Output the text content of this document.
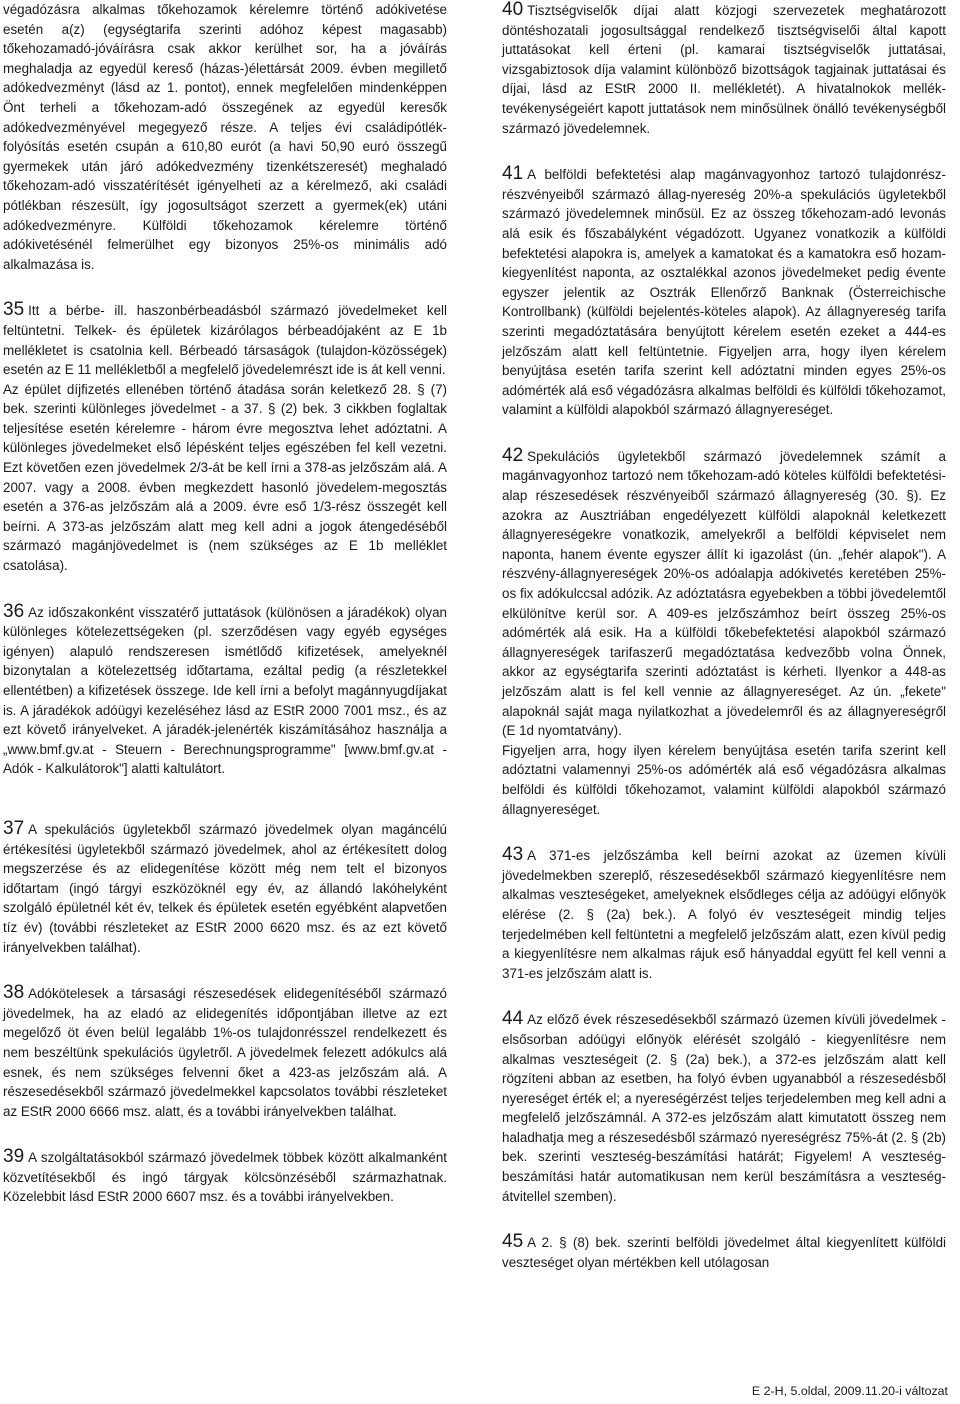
végadózásra alkalmas tőkehozamok kérelemre történő adókivetése esetén a(z) (egységtarifa szerinti adóhoz képest magasabb) tőkehozamadó-jóváírásra csak akkor kerülhet sor, ha a jóváírás meghaladja az egyedül kereső (házas-)élettársát 2009. évben megillető adókedvezményt (lásd az 1. pontot), ennek megfelelően mindenképpen Önt terheli a tőkehozam-adó összegének az egyedül keresők adókedvezményével megegyező része. A teljes évi családipótlék-folyósítás esetén csupán a 610,80 eurót (a havi 50,90 euró összegű gyermekek után járó adókedvezmény tizenkétszeresét) meghaladó tőkehozam-adó visszatérítését igényelheti az a kérelmező, aki családi pótlékban részesült, így jogosultságot szerzett a gyermek(ek) utáni adókedvezményre. Külföldi tőkehozamok kérelemre történő adókivetésénél felmerülhet egy bizonyos 25%-os minimális adó alkalmazása is.

35 Itt a bérbe- ill. haszonbérbeadásból származó jövedelmeket kell feltüntetni. Telkek- és épületek kizárólagos bérbeadójaként az E 1b mellékletet is csatolnia kell. Bérbeadó társaságok (tulajdon-közösségek) esetén az E 11 mellékletből a megfelelő jövedelemrészt ide is át kell venni.

Az épület díjfizetés ellenében történő átadása során keletkező 28. § (7) bek. szerinti különleges jövedelmet - a 37. § (2) bek. 3 cikkben foglaltak teljesítése esetén kérelemre - három évre megosztva lehet adóztatni. A különleges jövedelmeket első lépésként teljes egészében fel kell vezetni. Ezt követően ezen jövedelmek 2/3-át be kell írni a 378-as jelzőszám alá. A 2007. vagy a 2008. évben megkezdett hasonló jövedelem-megosztás esetén a 376-as jelzőszám alá a 2009. évre eső 1/3-rész összegét kell beírni. A 373-as jelzőszám alatt meg kell adni a jogok átengedéséből származó magánjövedelmet is (nem szükséges az E 1b melléklet csatolása).

36 Az időszakonként visszatérő juttatások (különösen a járadékok) olyan különleges kötelezettségeken (pl. szerződésen vagy egyéb egységes igényen) alapuló rendszeresen ismétlődő kifizetések, amelyeknél bizonytalan a kötelezettség időtartama, ezáltal pedig (a részletekkel ellentétben) a kifizetések összege. Ide kell írni a befolyt magánnyugdíjakat is. A járadékok adóügyi kezeléséhez lásd az EStR 2000 7001 msz., és az ezt követő irányelveket. A járadék-jelenérték kiszámításához használja a „www.bmf.gv.at - Steuern - Berechnungsprogramme" [www.bmf.gv.at - Adók - Kalkulátorok"] alatti kaltulátort.

37 A spekulációs ügyletekből származó jövedelmek olyan magáncélú értékesítési ügyletekből származó jövedelmek, ahol az értékesített dolog megszerzése és az elidegenítése között még nem telt el bizonyos időtartam (ingó tárgyi eszközöknél egy év, az állandó lakóhelyként szolgáló épületnél két év, telkek és épületek esetén egyébként alapvetően tíz év) (további részleteket az EStR 2000 6620 msz. és az ezt követő irányelvekben találhat).

38 Adókötelesek a társasági részesedések elidegenítéséből származó jövedelmek, ha az eladó az elidegenítés időpontjában illetve az ezt megelőző öt éven belül legalább 1%-os tulajdonrésszel rendelkezett és nem beszéltünk spekulációs ügyletről. A jövedelmek felezett adókulcs alá esnek, és nem szükséges felvenni őket a 423-as jelzőszám alá. A részesedésekből származó jövedelmekkel kapcsolatos további részleteket az EStR 2000 6666 msz. alatt, és a további irányelvekben találhat.

39 A szolgáltatásokból származó jövedelmek többek között alkalmanként közvetítésekből és ingó tárgyak kölcsönzéséből származhatnak. Közelebbit lásd EStR 2000 6607 msz. és a további irányelvekben.

40 Tisztségviselők díjai alatt közjogi szervezetek meghatározott döntéshozatali jogosultsággal rendelkező tisztségviselői által kapott juttatásokat kell érteni (pl. kamarai tisztségviselők juttatásai, vizsgabiztosok díja valamint különböző bizottságok tagjainak juttatásai és díjai, lásd az EStR 2000 II. mellékletét). A hivatalnokok mellék-tevékenységeiért kapott juttatások nem minősülnek önálló tevékenységből származó jövedelemnek.

41 A belföldi befektetési alap magánvagyonhoz tartozó tulajdonrész-részvényeiből származó állag-nyereség 20%-a spekulációs ügyletekből származó jövedelemnek minősül. Ez az összeg tőkehozam-adó levonás alá esik és főszabályként végadózott. Ugyanez vonatkozik a külföldi befektetési alapokra is, amelyek a kamatokat és a kamatokra eső hozam-kiegyenlítést naponta, az osztalékkal azonos jövedelmeket pedig évente egyszer jelentik az Osztrák Ellenőrző Banknak (Österreichische Kontrollbank) (külföldi bejelentés-köteles alapok). Az állagnyereség tarifa szerinti megadóztatására benyújtott kérelem esetén ezeket a 444-es jelzőszám alatt kell feltüntetnie. Figyeljen arra, hogy ilyen kérelem benyújtása esetén tarifa szerint kell adóztatni minden egyes 25%-os adómérték alá eső végadózásra alkalmas belföldi és külföldi tőkehozamot, valamint a külföldi alapokból származó állagnyereséget.

42 Spekulációs ügyletekből származó jövedelemnek számít a magánvagyonhoz tartozó nem tőkehozam-adó köteles külföldi befektetési-alap részesedések részvényeiből származó állagnyereség (30. §). Ez azokra az Ausztriában engedélyezett külföldi alapoknál keletkezett állagnyereségekre vonatkozik, amelyekről a belföldi képviselet nem naponta, hanem évente egyszer állít ki igazolást (ún. „fehér alapok"). A részvény-állagnyereségek 20%-os adóalapja adókivetés keretében 25%-os fix adókulccsal adózik. Az adóztatásra egyebekben a többi jövedelemtől elkülönítve kerül sor. A 409-es jelzőszámhoz beírt összeg 25%-os adómérték alá esik. Ha a külföldi tőkebefektetési alapokból származó állagnyereségek tarifaszerű megadóztatása kedvezőbb volna Önnek, akkor az egységtarifa szerinti adóztatást is kérheti. Ilyenkor a 448-as jelzőszám alatt is fel kell vennie az állagnyereséget. Az ún. „fekete" alapoknál saját maga nyilatkozhat a jövedelemről és az állagnyereségről (E 1d nyomtatvány).

Figyeljen arra, hogy ilyen kérelem benyújtása esetén tarifa szerint kell adóztatni valamennyi 25%-os adómérték alá eső végadózásra alkalmas belföldi és külföldi tőkehozamot, valamint külföldi alapokból származó állagnyereséget.

43 A 371-es jelzőszámba kell beírni azokat az üzemen kívüli jövedelmekben szereplő, részesedésekből származó kiegyenlítésre nem alkalmas veszteségeket, amelyeknek elsődleges célja az adóügyi előnyök elérése (2. § (2a) bek.). A folyó év veszteségeit mindig teljes terjedelmében kell feltüntetni a megfelelő jelzőszám alatt, ezen kívül pedig a kiegyenlítésre nem alkalmas rájuk eső hányaddal együtt fel kell venni a 371-es jelzőszám alatt is.

44 Az előző évek részesedésekből származó üzemen kívüli jövedelmek - elsősorban adóügyi előnyök elérését szolgáló - kiegyenlítésre nem alkalmas veszteségeit (2. § (2a) bek.), a 372-es jelzőszám alatt kell rögzíteni abban az esetben, ha folyó évben ugyanabból a részesedésből nyereséget érték el; a nyereségérzést teljes terjedelemben meg kell adni a megfelelő jelzőszámnál. A 372-es jelzőszám alatt kimutatott összeg nem haladhatja meg a részesedésből származó nyereségrész 75%-át (2. § (2b) bek. szerinti veszteség-beszámítási határát; Figyelem! A veszteség-beszámítási határ automatikusan nem kerül beszámításra a veszteség-átvitellel szemben).

45 A 2. § (8) bek. szerinti belföldi jövedelmet által kiegyenlített külföldi veszteséget olyan mértékben kell utólagosan

E 2-H, 5.oldal, 2009.11.20-i változat
